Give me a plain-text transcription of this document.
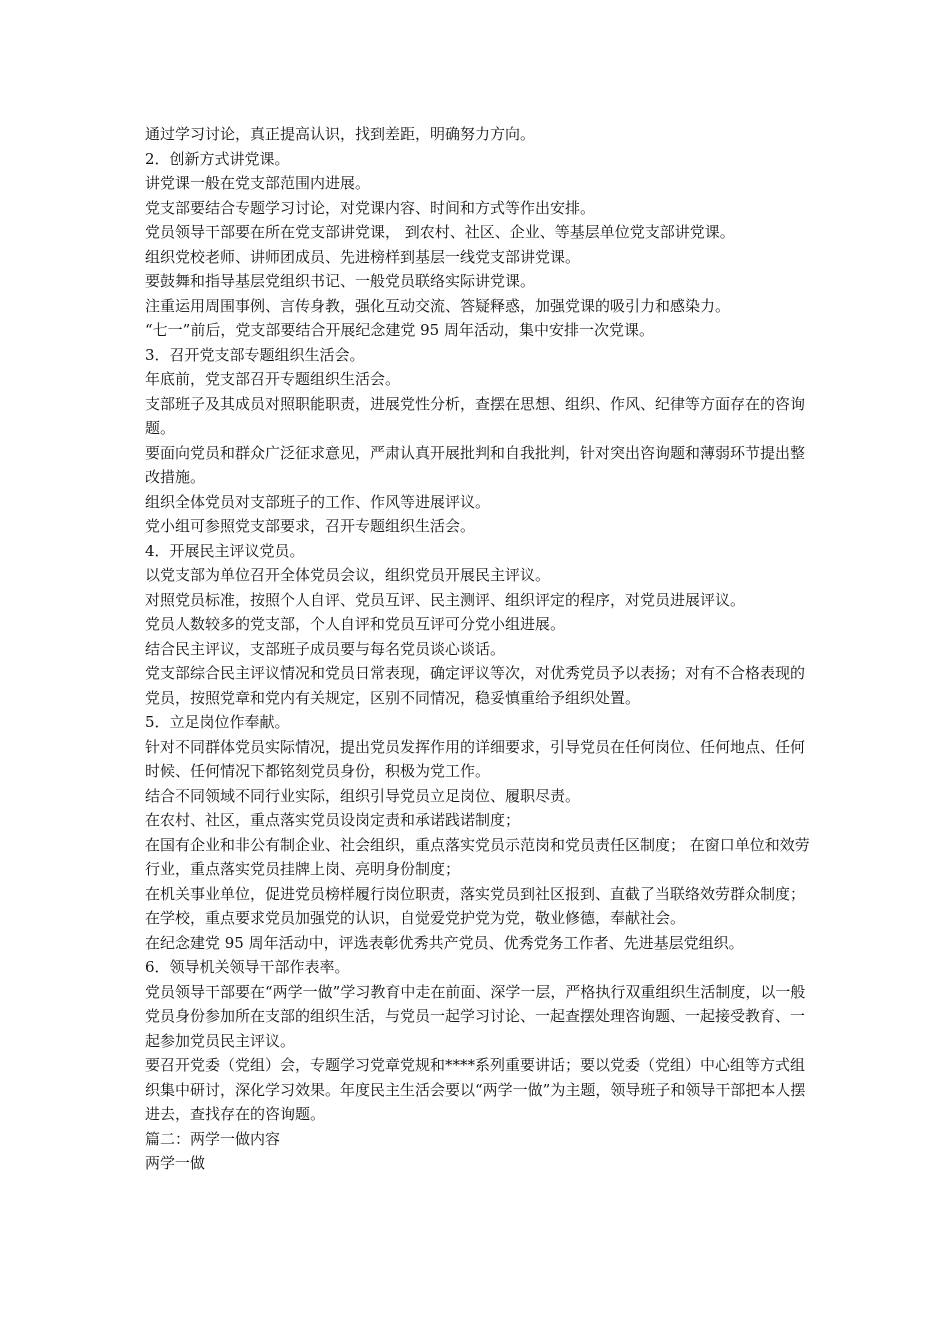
通过学习讨论，真正提高认识，找到差距，明确努力方向。

2．创新方式讲党课。

讲党课一般在党支部范围内进展。

党支部要结合专题学习讨论，对党课内容、时间和方式等作出安排。

党员领导干部要在所在党支部讲党课， 到农村、社区、企业、等基层单位党支部讲党课。

组织党校老师、讲师团成员、先进榜样到基层一线党支部讲党课。

要鼓舞和指导基层党组织书记、一般党员联络实际讲党课。

注重运用周围事例、言传身教，强化互动交流、答疑释惑，加强党课的吸引力和感染力。

“七一”前后，党支部要结合开展纪念建党 95 周年活动，集中安排一次党课。

3．召开党支部专题组织生活会。

年底前，党支部召开专题组织生活会。

支部班子及其成员对照职能职责，进展党性分析，查摆在思想、组织、作风、纪律等方面存在的咨询题。

要面向党员和群众广泛征求意见，严肃认真开展批判和自我批判，针对突出咨询题和薄弱环节提出整改措施。

组织全体党员对支部班子的工作、作风等进展评议。

党小组可参照党支部要求，召开专题组织生活会。

4．开展民主评议党员。

以党支部为单位召开全体党员会议，组织党员开展民主评议。

对照党员标准，按照个人自评、党员互评、民主测评、组织评定的程序，对党员进展评议。

党员人数较多的党支部，个人自评和党员互评可分党小组进展。

结合民主评议，支部班子成员要与每名党员谈心谈话。

党支部综合民主评议情况和党员日常表现，确定评议等次，对优秀党员予以表扬；对有不合格表现的党员，按照党章和党内有关规定，区别不同情况，稳妥慎重给予组织处置。

5．立足岗位作奉献。

针对不同群体党员实际情况，提出党员发挥作用的详细要求，引导党员在任何岗位、任何地点、任何时候、任何情况下都铭刻党员身份，积极为党工作。

结合不同领域不同行业实际，组织引导党员立足岗位、履职尽责。

在农村、社区，重点落实党员设岗定责和承诺践诺制度；

在国有企业和非公有制企业、社会组织，重点落实党员示范岗和党员责任区制度； 在窗口单位和效劳行业，重点落实党员挂牌上岗、亮明身份制度；

在机关事业单位，促进党员榜样履行岗位职责，落实党员到社区报到、直截了当联络效劳群众制度；

在学校，重点要求党员加强党的认识，自觉爱党护党为党，敬业修德，奉献社会。

在纪念建党 95 周年活动中，评选表彰优秀共产党员、优秀党务工作者、先进基层党组织。

6．领导机关领导干部作表率。

党员领导干部要在“两学一做”学习教育中走在前面、深学一层，严格执行双重组织生活制度，以一般党员身份参加所在支部的组织生活，与党员一起学习讨论、一起查摆处理咨询题、一起接受教育、一起参加党员民主评议。

要召开党委（党组）会，专题学习党章党规和****系列重要讲话；要以党委（党组）中心组等方式组织集中研讨，深化学习效果。年度民主生活会要以“两学一做”为主题，领导班子和领导干部把本人摆进去，查找存在的咨询题。

篇二：两学一做内容

两学一做
